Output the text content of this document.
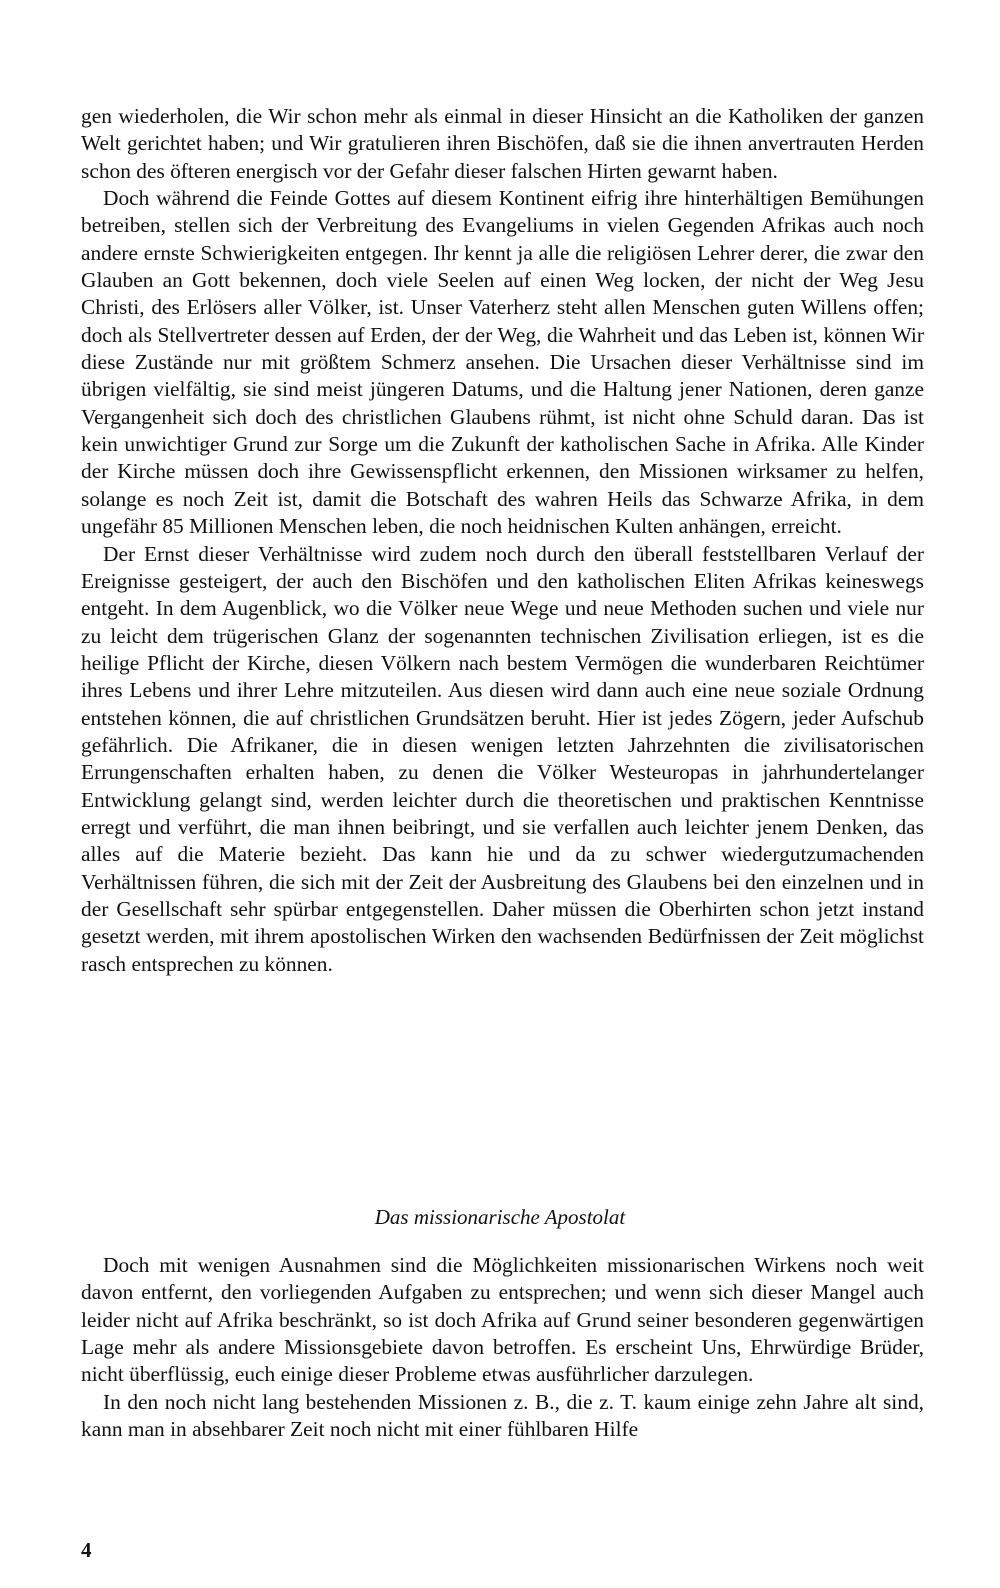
gen wiederholen, die Wir schon mehr als einmal in dieser Hinsicht an die Katholiken der ganzen Welt gerichtet haben; und Wir gratulieren ihren Bischöfen, daß sie die ihnen anvertrauten Herden schon des öfteren energisch vor der Gefahr dieser falschen Hirten gewarnt haben.

Doch während die Feinde Gottes auf diesem Kontinent eifrig ihre hinterhältigen Bemühungen betreiben, stellen sich der Verbreitung des Evangeliums in vielen Gegenden Afrikas auch noch andere ernste Schwierigkeiten entgegen. Ihr kennt ja alle die religiösen Lehrer derer, die zwar den Glauben an Gott bekennen, doch viele Seelen auf einen Weg locken, der nicht der Weg Jesu Christi, des Erlösers aller Völker, ist. Unser Vaterherz steht allen Menschen guten Willens offen; doch als Stellvertreter dessen auf Erden, der der Weg, die Wahrheit und das Leben ist, können Wir diese Zustände nur mit größtem Schmerz ansehen. Die Ursachen dieser Verhältnisse sind im übrigen vielfältig, sie sind meist jüngeren Datums, und die Haltung jener Nationen, deren ganze Vergangenheit sich doch des christlichen Glaubens rühmt, ist nicht ohne Schuld daran. Das ist kein unwichtiger Grund zur Sorge um die Zukunft der katholischen Sache in Afrika. Alle Kinder der Kirche müssen doch ihre Gewissenspflicht erkennen, den Missionen wirksamer zu helfen, solange es noch Zeit ist, damit die Botschaft des wahren Heils das Schwarze Afrika, in dem ungefähr 85 Millionen Menschen leben, die noch heidnischen Kulten anhängen, erreicht.

Der Ernst dieser Verhältnisse wird zudem noch durch den überall feststellbaren Verlauf der Ereignisse gesteigert, der auch den Bischöfen und den katholischen Eliten Afrikas keineswegs entgeht. In dem Augenblick, wo die Völker neue Wege und neue Methoden suchen und viele nur zu leicht dem trügerischen Glanz der sogenannten technischen Zivilisation erliegen, ist es die heilige Pflicht der Kirche, diesen Völkern nach bestem Vermögen die wunderbaren Reichtümer ihres Lebens und ihrer Lehre mitzuteilen. Aus diesen wird dann auch eine neue soziale Ordnung entstehen können, die auf christlichen Grundsätzen beruht. Hier ist jedes Zögern, jeder Aufschub gefährlich. Die Afrikaner, die in diesen wenigen letzten Jahrzehnten die zivilisatorischen Errungenschaften erhalten haben, zu denen die Völker Westeuropas in jahrhundertelanger Entwicklung gelangt sind, werden leichter durch die theoretischen und praktischen Kenntnisse erregt und verführt, die man ihnen beibringt, und sie verfallen auch leichter jenem Denken, das alles auf die Materie bezieht. Das kann hie und da zu schwer wiedergutzumachenden Verhältnissen führen, die sich mit der Zeit der Ausbreitung des Glaubens bei den einzelnen und in der Gesellschaft sehr spürbar entgegenstellen. Daher müssen die Oberhirten schon jetzt instand gesetzt werden, mit ihrem apostolischen Wirken den wachsenden Bedürfnissen der Zeit möglichst rasch entsprechen zu können.

Das missionarische Apostolat

Doch mit wenigen Ausnahmen sind die Möglichkeiten missionarischen Wirkens noch weit davon entfernt, den vorliegenden Aufgaben zu entsprechen; und wenn sich dieser Mangel auch leider nicht auf Afrika beschränkt, so ist doch Afrika auf Grund seiner besonderen gegenwärtigen Lage mehr als andere Missionsgebiete davon betroffen. Es erscheint Uns, Ehrwürdige Brüder, nicht überflüssig, euch einige dieser Probleme etwas ausführlicher darzulegen.

In den noch nicht lang bestehenden Missionen z. B., die z. T. kaum einige zehn Jahre alt sind, kann man in absehbarer Zeit noch nicht mit einer fühlbaren Hilfe

4
